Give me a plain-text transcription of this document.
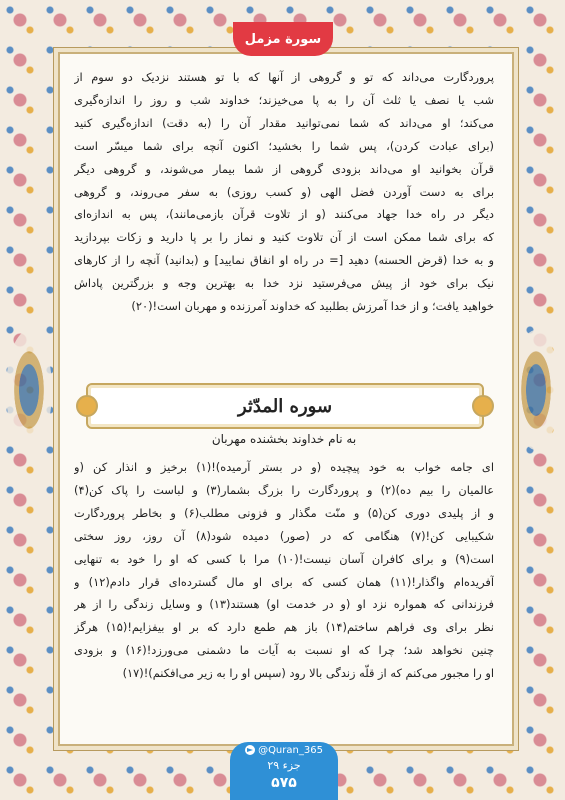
سورة مزمل

پروردگارت می‌داند که تو و گروهی از آنها که با تو هستند نزدیک دو سوم از

شب یا نصف یا ثلث آن را به پا می‌خیزند؛ خداوند شب و روز را اندازه‌گیری

می‌کند؛ او می‌داند که شما نمی‌توانید مقدار آن را (به دقت) اندازه‌گیری کنید

(برای عبادت کردن)، پس شما را بخشید؛ اکنون آنچه برای شما میسّر است

قرآن بخوانید او می‌داند بزودی گروهی از شما بیمار می‌شوند، و گروهی دیگر

برای به دست آوردن فضل الهی (و کسب روزی) به سفر می‌روند، و گروهی

دیگر در راه خدا جهاد می‌کنند (و از تلاوت قرآن بازمی‌مانند)، پس به اندازه‌ای

که برای شما ممکن است از آن تلاوت کنید و نماز را بر پا دارید و زکات بپردازید

و به خدا (قرض الحسنه) دهید [= در راه او انفاق نمایید] و (بدانید) آنچه را از کارهای

نیک برای خود از پیش می‌فرستید نزد خدا به بهترین وجه و بزرگترین پاداش

خواهید یافت؛ و از خدا آمرزش بطلبید که خداوند آمرزنده و مهربان است!(۲۰)

سوره المدّثر
به نام خداوند بخشنده مهربان

ای جامه خواب به خود پیچیده (و در بستر آرمیده)!(۱) برخیز و انذار کن (و

عالمیان را بیم ده)(۲) و پروردگارت را بزرگ بشمار(۳) و لباست را پاک کن(۴)

و از پلیدی دوری کن(۵) و منّت مگذار و فزونی مطلب(۶) و بخاطر پروردگارت

شکیبایی کن!(۷) هنگامی که در (صور) دمیده شود(۸) آن روز، روز سختی

است(۹) و برای کافران آسان نیست!(۱۰) مرا با کسی که او را خود به تنهایی

آفریده‌ام واگذار!(۱۱) همان کسی که برای او مال گسترده‌ای قرار دادم(۱۲) و

فرزندانی که همواره نزد او (و در خدمت او) هستند(۱۳) و وسایل زندگی را از هر

نظر برای وی فراهم ساختم(۱۴) باز هم طمع دارد که بر او بیفزایم!(۱۵) هرگز

چنین نخواهد شد؛ چرا که او نسبت به آیات ما دشمنی می‌ورزد!(۱۶) و بزودی

او را مجبور می‌کنم که از قلّه زندگی بالا رود (سپس او را به زیر می‌افکنم)!(۱۷)

جزء ۲۹
۵۷۵
@Quran_365
